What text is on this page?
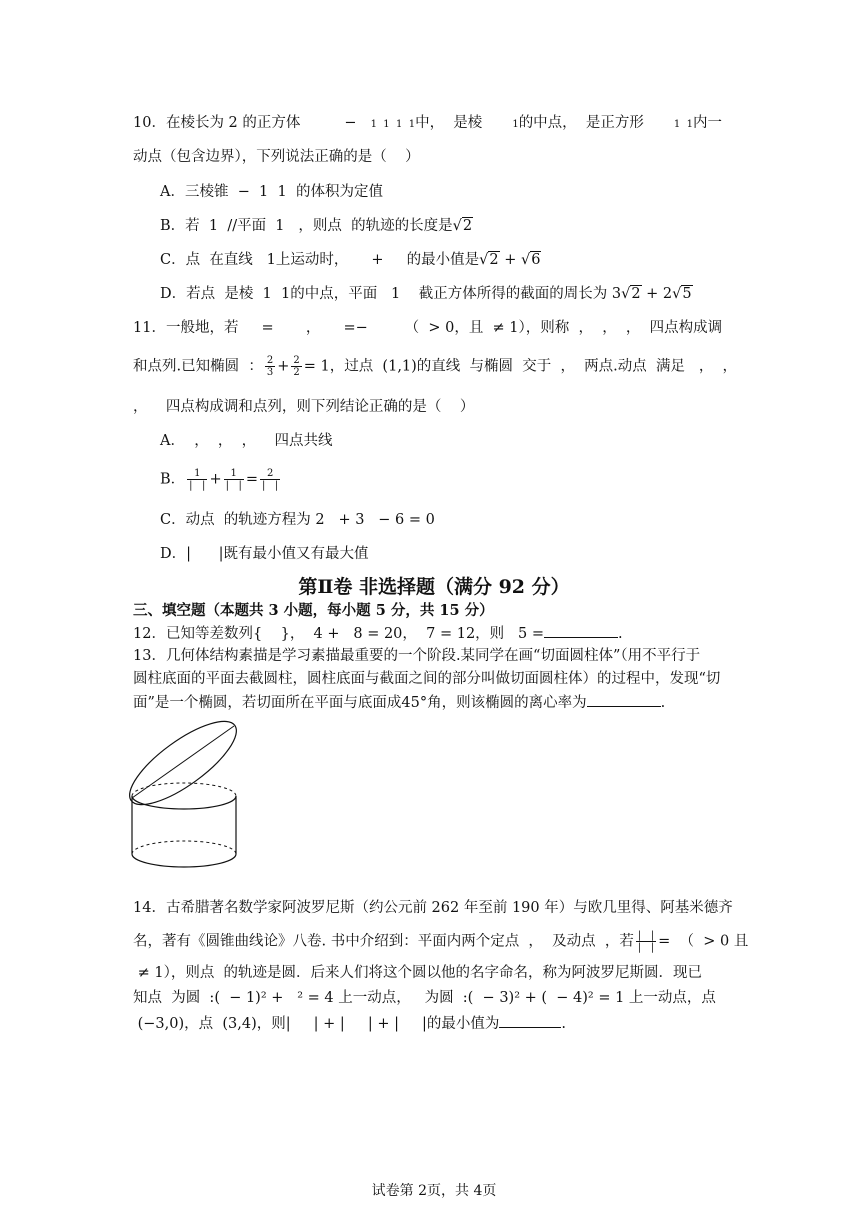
10．在棱长为 2 的正方体	− 1  1  1  1中，  是棱	1的中点，  是正方形	1  1内一
动点（包含边界），下列说法正确的是（    ）
A．三棱锥  −  1  1  的体积为定值
B．若  1  //平面  1   ，则点  的轨迹的长度是√2
C．点  在直线   1上运动时，     +     的最小值是√2 + √6
D．若点  是棱  1  1的中点，平面   1    截正方体所得的截面的周长为 3√2 + 2√5
11．一般地，若     =       ，     =−        （  > 0，且  ≠ 1），则称  ，  ，  ，  四点构成调
和点列.已知椭圆  ： $\frac{2}{3} + \frac{2}{2} = 1$，过点  (1,1)的直线  与椭圆  交于  ，  两点.动点  满足   ，  ，
，    四点构成调和点列，则下列结论正确的是（    ）
A．  ，  ，  ，    四点共线
B． $\frac{1}{| |} + \frac{1}{| |} = \frac{2}{| |}$
C．动点  的轨迹方程为 2   + 3   − 6 = 0
D．|      |既有最小值又有最大值
第Ⅱ卷 非选择题（满分 92 分）
三、填空题（本题共 3 小题，每小题 5 分，共 15 分）
12．已知等差数列{    }，  4 +   8 = 20，  7 = 12，则   5 =	.
13．几何体结构素描是学习素描最重要的一个阶段.某同学在画“切面圆柱体”（用不平行于
圆柱底面的平面去截圆柱，圆柱底面与截面之间的部分叫做切面圆柱体）的过程中，发现“切
面”是一个椭圆，若切面所在平面与底面成45°角，则该椭圆的离心率为	.
14．古希腊著名数学家阿波罗尼斯（约公元前 262 年至前 190 年）与欧几里得、阿基米德齐
名，著有《圆锥曲线论》八卷. 书中介绍到：平面内两个定点  ，  及动点  ，若 $\frac{| |}{| |}$ =  （  > 0 且
≠ 1），则点  的轨迹是圆．后来人们将这个圆以他的名字命名，称为阿波罗尼斯圆．现已
知点  为圆  :(  − 1)² +   ² = 4 上一动点，   为圆  :(  − 3)² + (  − 4)² = 1 上一动点，点
(−3,0)，点  (3,4)，则|     | + |     | + |     |的最小值为	.
试卷第 2页，共 4页
